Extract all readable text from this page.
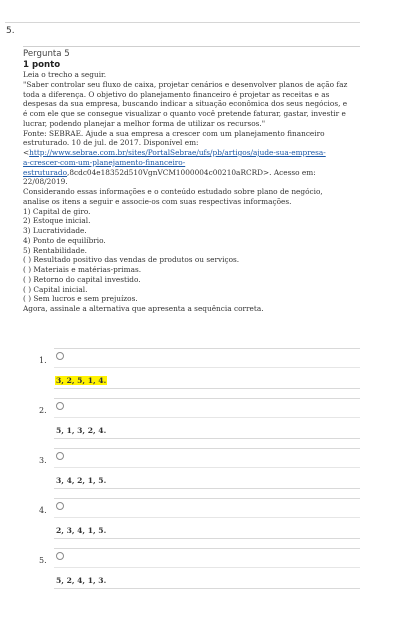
5.
Pergunta 5
1 ponto
Leia o trecho a seguir.
"Saber controlar seu fluxo de caixa, projetar cenários e desenvolver planos de ação faz
toda a diferença. O objetivo do planejamento financeiro é projetar as receitas e as
despesas da sua empresa, buscando indicar a situação econômica dos seus negócios, e
é com ele que se consegue visualizar o quanto você pretende faturar, gastar, investir e
lucrar, podendo planejar a melhor forma de utilizar os recursos."
Fonte: SEBRAE. Ajude a sua empresa a crescer com um planejamento financeiro
estruturado. 10 de jul. de 2017. Disponível em:
<http://www.sebrae.com.br/sites/PortalSebrae/ufs/pb/artigos/ajude-sua-empresa-
a-crescer-com-um-planejamento-financeiro-
estruturado,8cdc04e18352d510VgnVCM1000004c00210aRCRD>. Acesso em:
22/08/2019.
Considerando essas informações e o conteúdo estudado sobre plano de negócio,
analise os itens a seguir e associe-os com suas respectivas informações.
1) Capital de giro.
2) Estoque inicial.
3) Lucratividade.
4) Ponto de equilíbrio.
5) Rentabilidade.
( ) Resultado positivo das vendas de produtos ou serviços.
( ) Materiais e matérias-primas.
( ) Retorno do capital investido.
( ) Capital inicial.
( ) Sem lucros e sem prejuízos.
Agora, assinale a alternativa que apresenta a sequência correta.
1.
3, 2, 5, 1, 4.
2.
5, 1, 3, 2, 4.
3.
3, 4, 2, 1, 5.
4.
2, 3, 4, 1, 5.
5.
5, 2, 4, 1, 3.
